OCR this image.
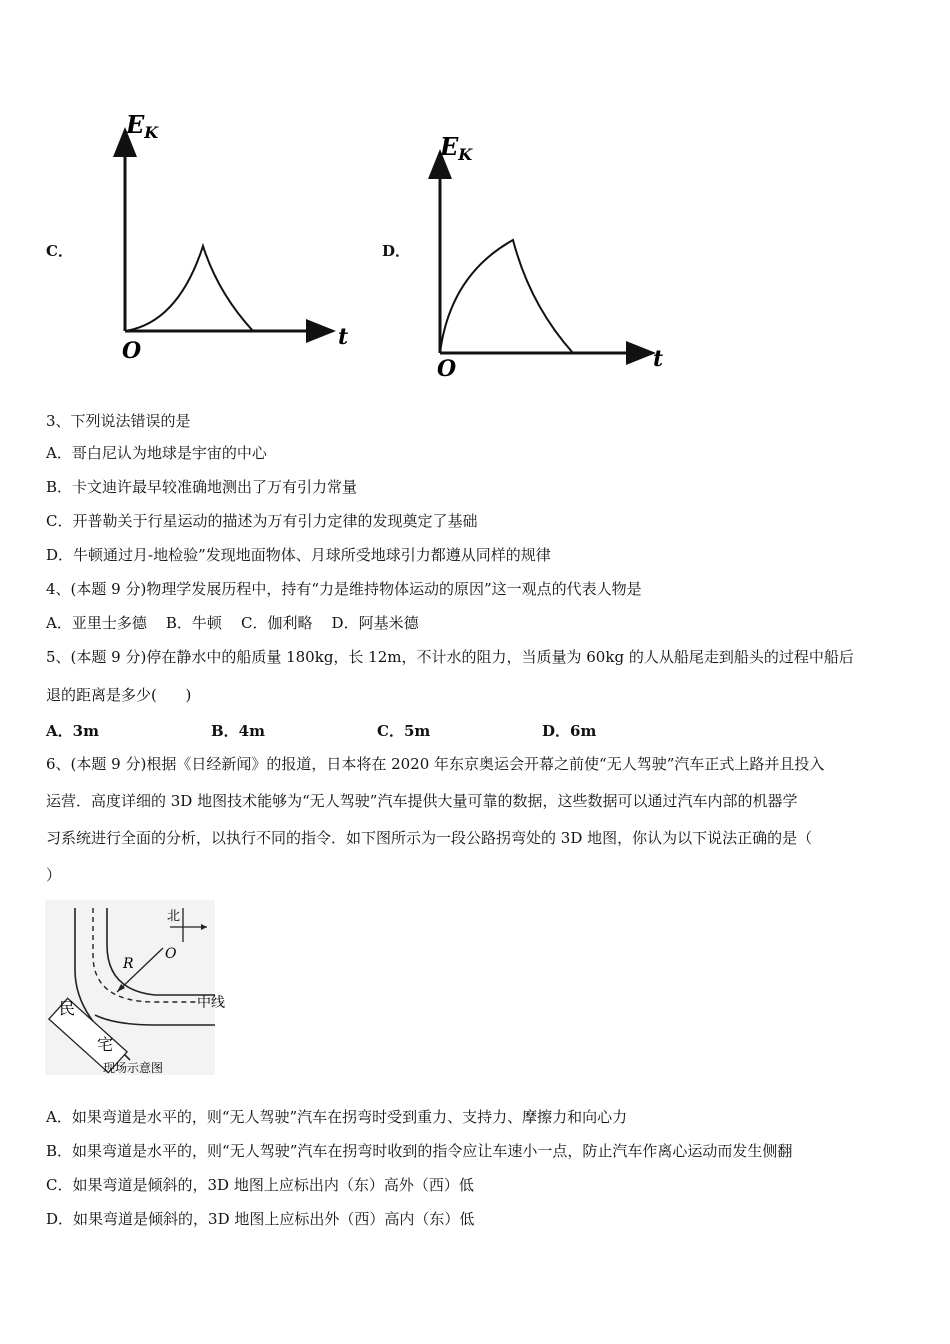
C．
$E_K$
t
O
D．
$E_K$
t
O
3、下列说法错误的是
A．哥白尼认为地球是宇宙的中心
B．卡文迪许最早较准确地测出了万有引力常量
C．开普勒关于行星运动的描述为万有引力定律的发现奠定了基础
D．牛顿通过月-地检验”发现地面物体、月球所受地球引力都遵从同样的规律
4、(本题 9 分)物理学发展历程中，持有“力是维持物体运动的原因”这一观点的代表人物是
A．亚里士多德    B．牛顿    C．伽利略    D．阿基米德
5、(本题 9 分)停在静水中的船质量 180kg，长 12m，不计水的阻力，当质量为 60kg 的人从船尾走到船头的过程中船后
退的距离是多少(      )
A．3m	B．4m	C．5m	D．6m
6、(本题 9 分)根据《日经新闻》的报道，日本将在 2020 年东京奥运会开幕之前使“无人驾驶”汽车正式上路并且投入
运营．高度详细的 3D 地图技术能够为“无人驾驶”汽车提供大量可靠的数据，这些数据可以通过汽车内部的机器学
习系统进行全面的分析，以执行不同的指令．如下图所示为一段公路拐弯处的 3D 地图，你认为以下说法正确的是（
）
北
O
R
中线
民
宅
现场示意图
A．如果弯道是水平的，则“无人驾驶”汽车在拐弯时受到重力、支持力、摩擦力和向心力
B．如果弯道是水平的，则“无人驾驶”汽车在拐弯时收到的指令应让车速小一点，防止汽车作离心运动而发生侧翻
C．如果弯道是倾斜的，3D 地图上应标出内（东）高外（西）低
D．如果弯道是倾斜的，3D 地图上应标出外（西）高内（东）低
